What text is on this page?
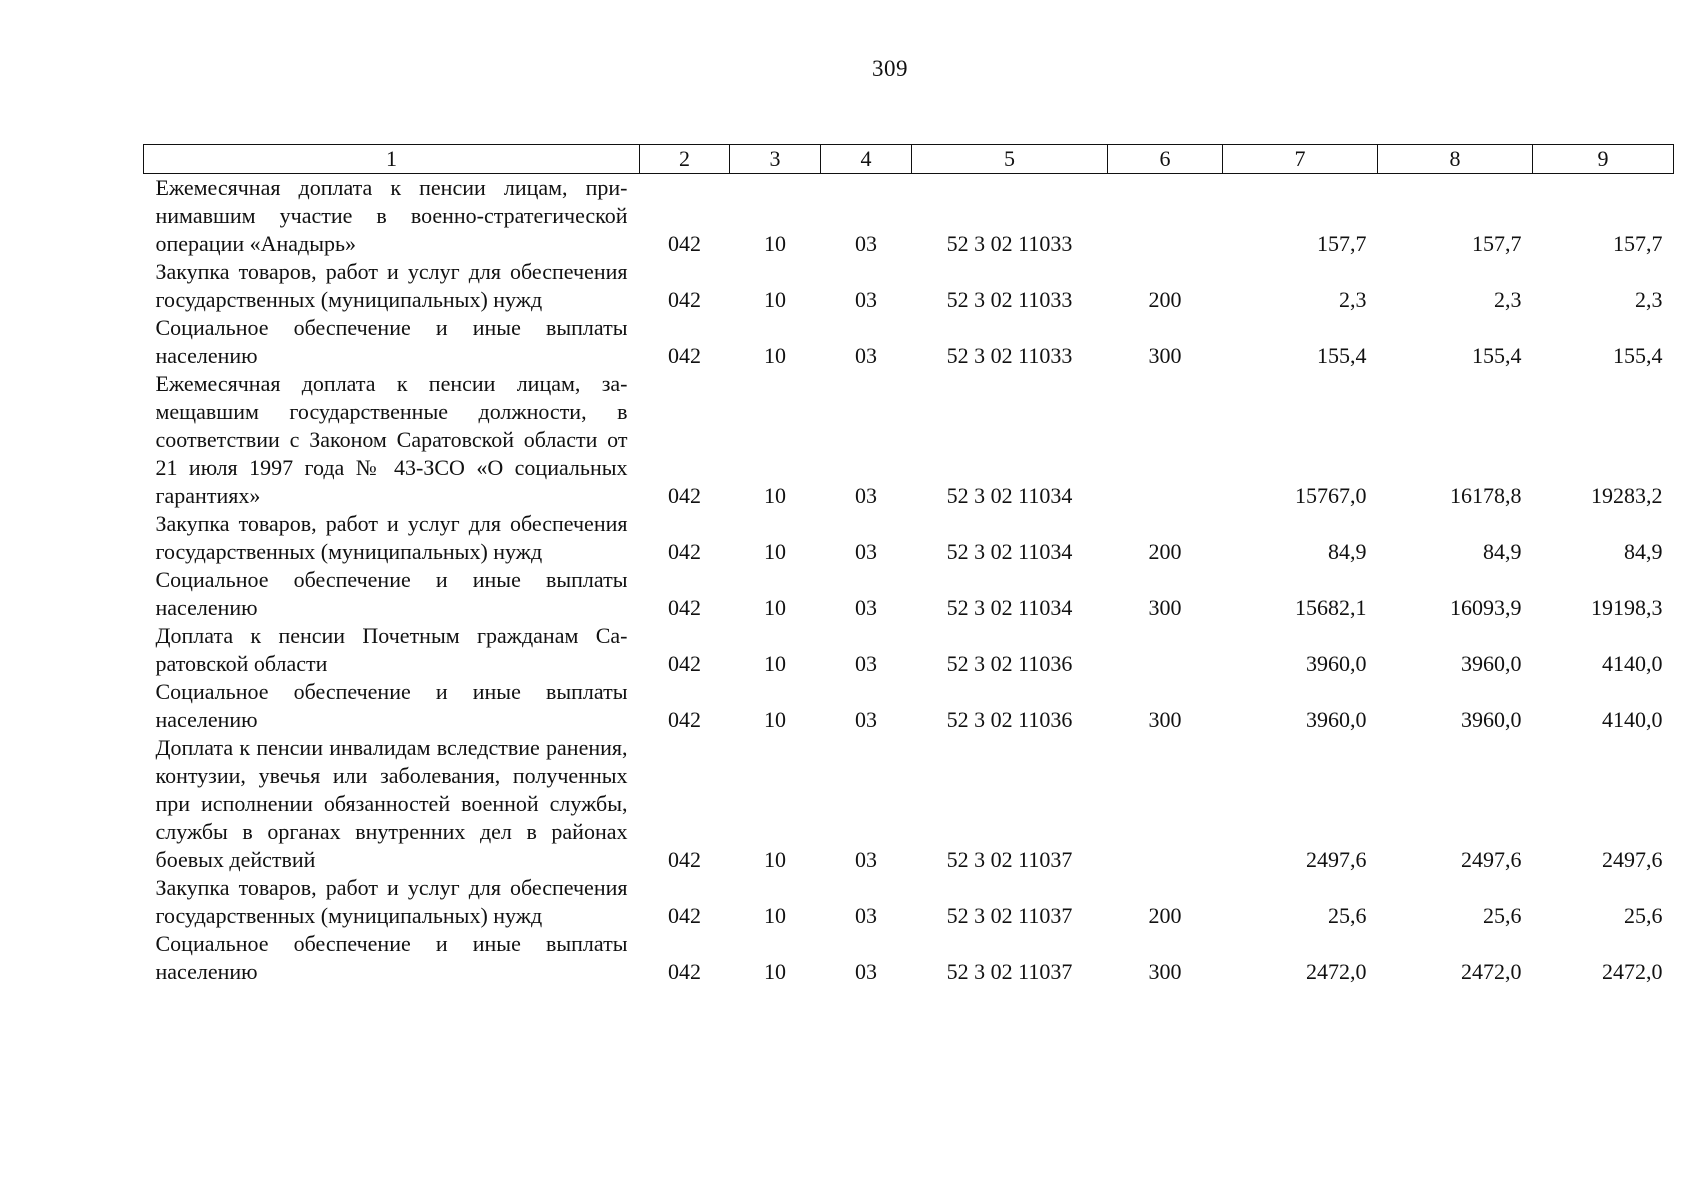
309
1	2	3	4	5	6	7	8	9
Ежемесячная доплата к пенсии лицам, принимавшим участие в военно-стратегической операции «Анадырь»	042	10	03	52 3 02 11033		157,7	157,7	157,7
Закупка товаров, работ и услуг для обеспечения государственных (муниципальных) нужд	042	10	03	52 3 02 11033	200	2,3	2,3	2,3
Социальное обеспечение и иные выплаты населению	042	10	03	52 3 02 11033	300	155,4	155,4	155,4
Ежемесячная доплата к пенсии лицам, замещавшим государственные должности, в соответствии с Законом Саратовской области от 21 июля 1997 года № 43-ЗСО «О социальных гарантиях»	042	10	03	52 3 02 11034		15767,0	16178,8	19283,2
Закупка товаров, работ и услуг для обеспечения государственных (муниципальных) нужд	042	10	03	52 3 02 11034	200	84,9	84,9	84,9
Социальное обеспечение и иные выплаты населению	042	10	03	52 3 02 11034	300	15682,1	16093,9	19198,3
Доплата к пенсии Почетным гражданам Саратовской области	042	10	03	52 3 02 11036		3960,0	3960,0	4140,0
Социальное обеспечение и иные выплаты населению	042	10	03	52 3 02 11036	300	3960,0	3960,0	4140,0
Доплата к пенсии инвалидам вследствие ранения, контузии, увечья или заболевания, полученных при исполнении обязанностей военной службы, службы в органах внутренних дел в районах боевых действий	042	10	03	52 3 02 11037		2497,6	2497,6	2497,6
Закупка товаров, работ и услуг для обеспечения государственных (муниципальных) нужд	042	10	03	52 3 02 11037	200	25,6	25,6	25,6
Социальное обеспечение и иные выплаты населению	042	10	03	52 3 02 11037	300	2472,0	2472,0	2472,0
